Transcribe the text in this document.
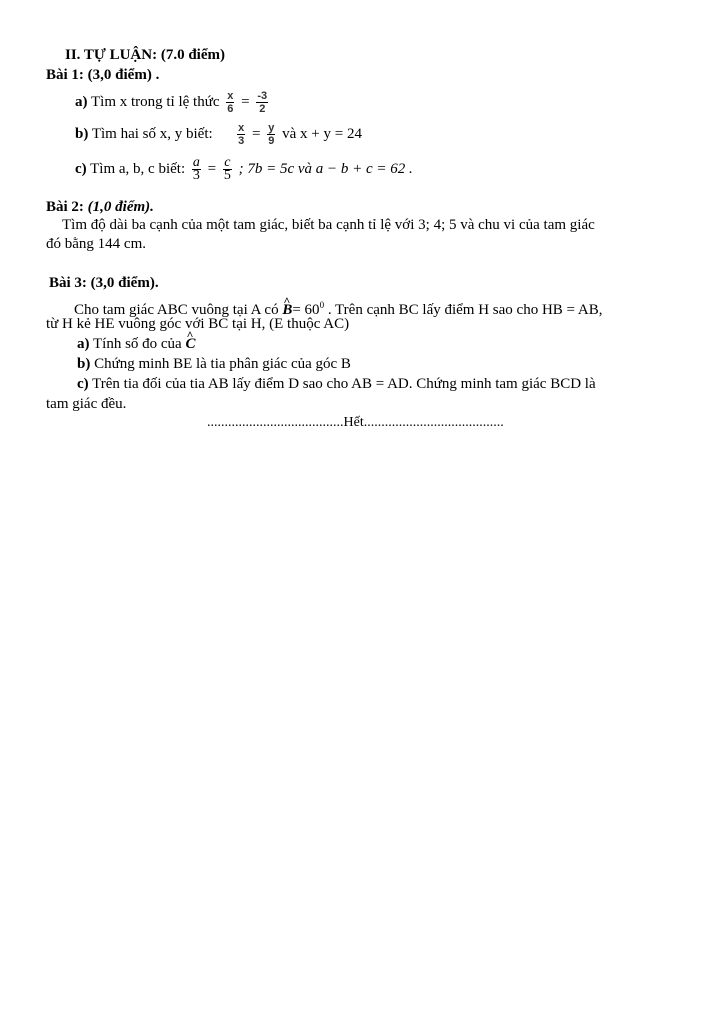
II. TỰ LUẬN: (7.0 điểm)
Bài 1: (3,0 điểm) .
a) Tìm x trong tỉ lệ thức $\frac{x}{6} = \frac{-3}{2}$
b) Tìm hai số x, y biết: $\frac{x}{3} = \frac{y}{9}$ và x + y = 24
c) Tìm a, b, c biết: $\frac{a}{3} = \frac{c}{5}$ ; 7b = 5c và a − b + c = 62 .
Bài 2: (1,0 điểm).
Tìm độ dài ba cạnh của một tam giác, biết ba cạnh tỉ lệ với 3; 4; 5 và chu vi của tam giác
đó bằng 144 cm.
Bài 3: (3,0 điểm).
Cho tam giác ABC vuông tại A có ^ $B= 60^0$ . Trên cạnh BC lấy điểm H sao cho HB = AB,
từ H kẻ HE vuông góc với BC tại H, (E thuộc AC)
a) Tính số đo của ^ C
b) Chứng minh BE là tia phân giác của góc B
c) Trên tia đối của tia AB lấy điểm D sao cho AB = AD. Chứng minh tam giác BCD là
tam giác đều.
.......................................Hết........................................
